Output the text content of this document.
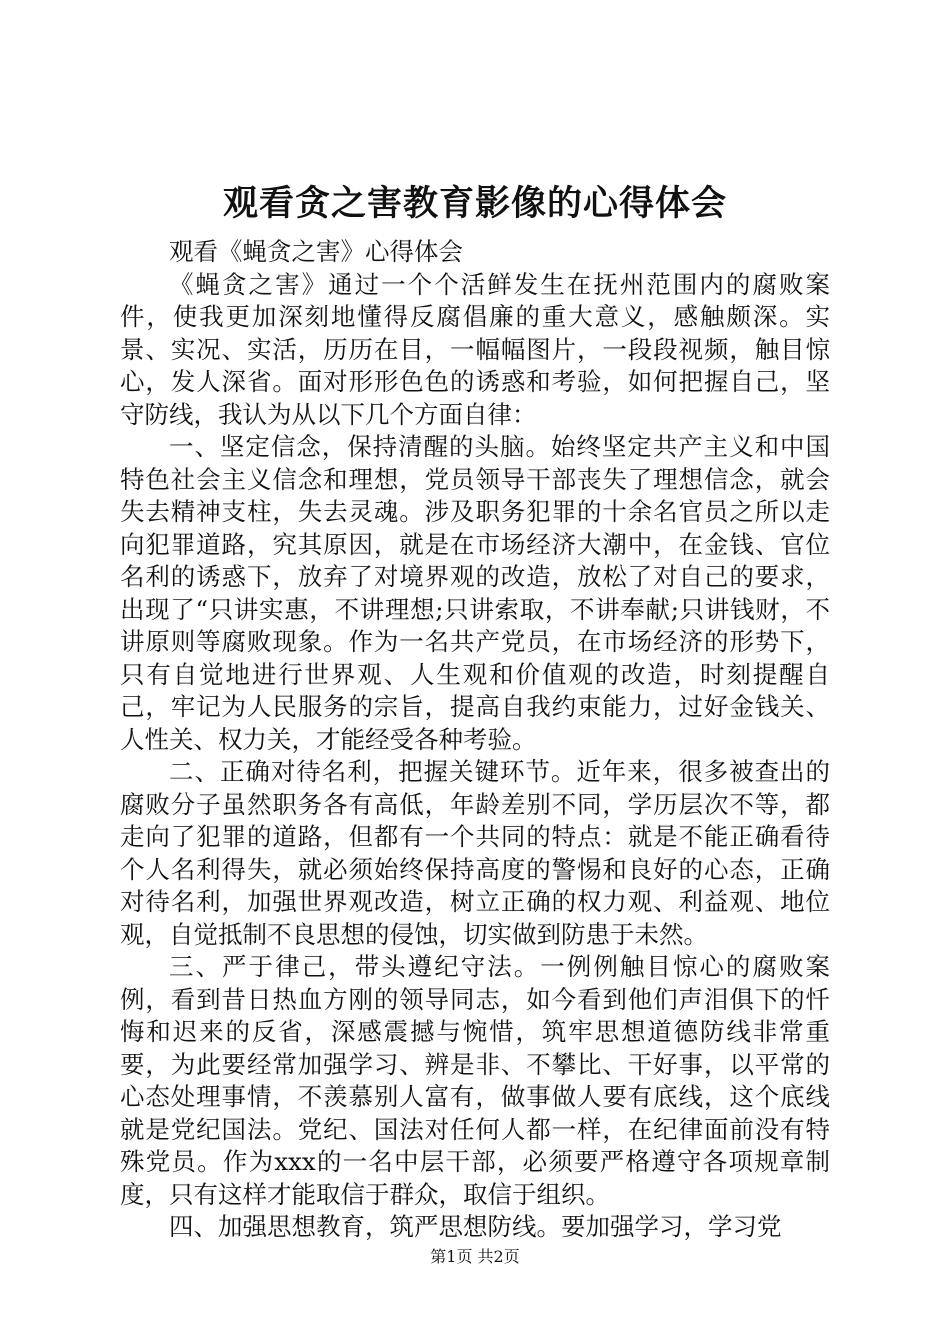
观看贪之害教育影像的心得体会

观看《蝇贪之害》心得体会

《蝇贪之害》通过一个个活鲜发生在抚州范围内的腐败案件，使我更加深刻地懂得反腐倡廉的重大意义，感触颇深。实景、实况、实活，历历在目，一幅幅图片，一段段视频，触目惊心，发人深省。面对形形色色的诱惑和考验，如何把握自己，坚守防线，我认为从以下几个方面自律：

一、坚定信念，保持清醒的头脑。始终坚定共产主义和中国特色社会主义信念和理想，党员领导干部丧失了理想信念，就会失去精神支柱，失去灵魂。涉及职务犯罪的十余名官员之所以走向犯罪道路，究其原因，就是在市场经济大潮中，在金钱、官位名利的诱惑下，放弃了对境界观的改造，放松了对自己的要求，出现了“只讲实惠，不讲理想;只讲索取，不讲奉献;只讲钱财，不讲原则等腐败现象。作为一名共产党员，在市场经济的形势下，只有自觉地进行世界观、人生观和价值观的改造，时刻提醒自己，牢记为人民服务的宗旨，提高自我约束能力，过好金钱关、人性关、权力关，才能经受各种考验。

二、正确对待名利，把握关键环节。近年来，很多被查出的腐败分子虽然职务各有高低，年龄差别不同，学历层次不等，都走向了犯罪的道路，但都有一个共同的特点：就是不能正确看待个人名利得失，就必须始终保持高度的警惕和良好的心态，正确对待名利，加强世界观改造，树立正确的权力观、利益观、地位观，自觉抵制不良思想的侵蚀，切实做到防患于未然。

三、严于律己，带头遵纪守法。一例例触目惊心的腐败案例，看到昔日热血方刚的领导同志，如今看到他们声泪俱下的忏悔和迟来的反省，深感震撼与惋惜，筑牢思想道德防线非常重要，为此要经常加强学习、辨是非、不攀比、干好事，以平常的心态处理事情，不羡慕别人富有，做事做人要有底线，这个底线就是党纪国法。党纪、国法对任何人都一样，在纪律面前没有特殊党员。作为xxx的一名中层干部，必须要严格遵守各项规章制度，只有这样才能取信于群众，取信于组织。

四、加强思想教育，筑严思想防线。要加强学习，学习党

第1页 共2页
